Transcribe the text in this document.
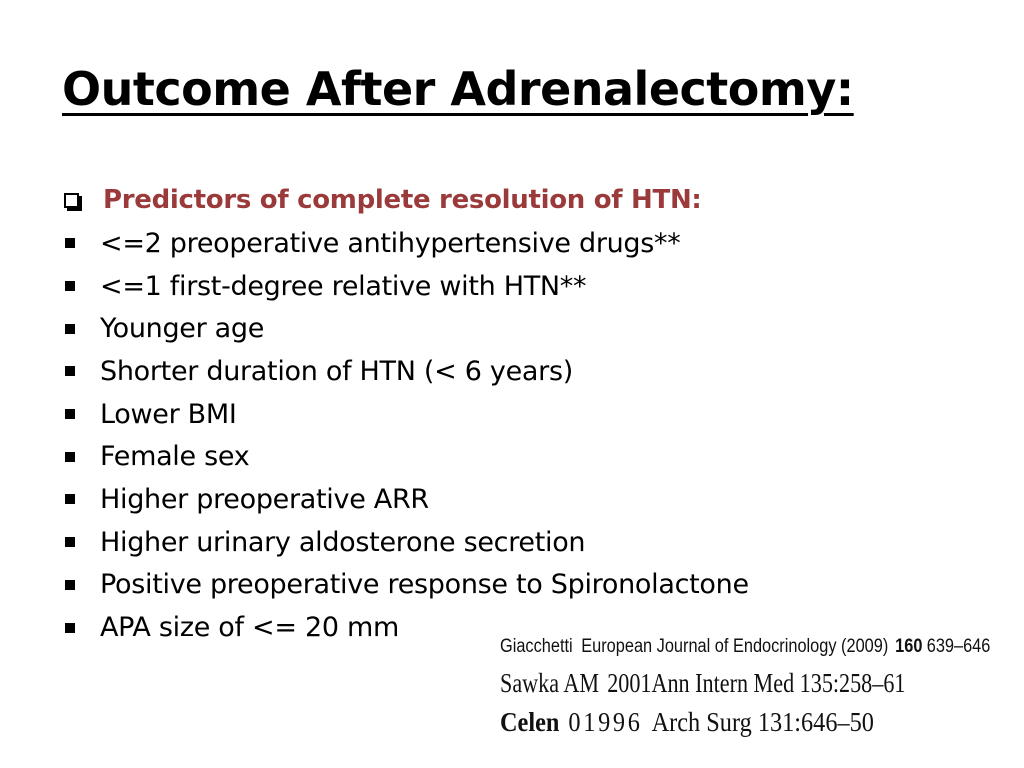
Outcome After Adrenalectomy:
Predictors of complete resolution of HTN:
<=2 preoperative antihypertensive drugs**
<=1 first-degree relative with HTN**
Younger age
Shorter duration of HTN (< 6 years)
Lower BMI
Female sex
Higher preoperative ARR
Higher urinary aldosterone secretion
Positive preoperative response to Spironolactone
APA size of <= 20 mm
Giacchetti European Journal of Endocrinology (2009) 160 639–646
Sawka AM 2001 Ann Intern Med 135:258–61
Celen 01996 Arch Surg 131:646–50
